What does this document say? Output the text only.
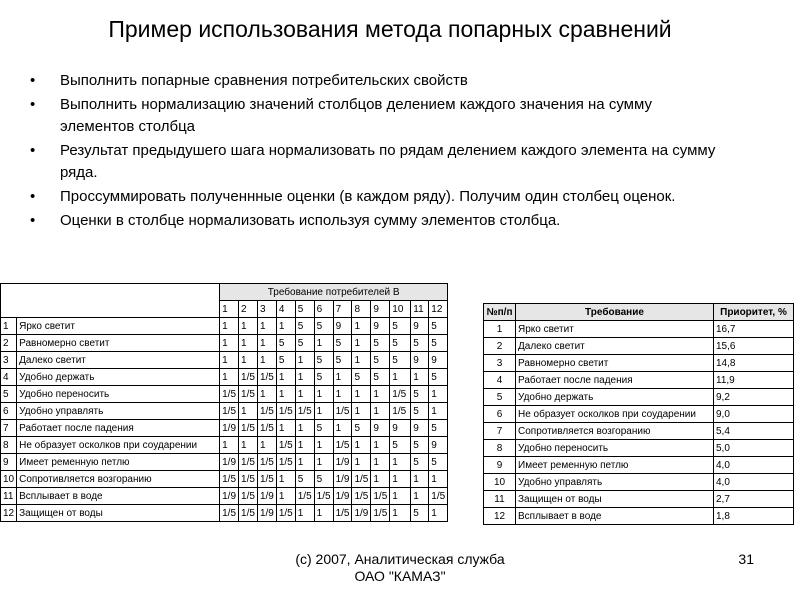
Пример использования метода попарных сравнений
• Выполнить попарные сравнения потребительских свойств
• Выполнить нормализацию значений столбцов делением каждого значения на сумму элементов столбца
• Результат предыдушего шага нормализовать по рядам делением каждого элемента на сумму ряда.
• Проссуммировать полученнные оценки (в каждом ряду). Получим один столбец оценок.
• Оценки в столбце нормализовать используя сумму элементов столбца.
		Требование потребителей В											
		1	2	3	4	5	6	7	8	9	10	11	12
1	Ярко светит	1	1	1	1	5	5	9	1	9	5	9	5
2	Равномерно светит	1	1	1	5	5	1	5	1	5	5	5	5
3	Далеко светит	1	1	1	5	1	5	5	1	5	5	9	9
4	Удобно держать	1	1/5	1/5	1	1	5	1	5	5	1	1	5
5	Удобно переносить	1/5	1/5	1	1	1	1	1	1	1	1/5	5	1
6	Удобно управлять	1/5	1	1/5	1/5	1/5	1	1/5	1	1	1/5	5	1
7	Работает после падения	1/9	1/5	1/5	1	1	5	1	5	9	9	9	5
8	Не образует осколков при соударении	1	1	1	1/5	1	1	1/5	1	1	5	5	9
9	Имеет ременную петлю	1/9	1/5	1/5	1/5	1	1	1/9	1	1	1	5	5
10	Сопротивляется возгоранию	1/5	1/5	1/5	1	5	5	1/9	1/5	1	1	1	1
11	Всплывает в воде	1/9	1/5	1/9	1	1/5	1/5	1/9	1/5	1/5	1	1	1/5
12	Защищен от воды	1/5	1/5	1/9	1/5	1	1	1/5	1/9	1/5	1	5	1
№п/п	Требование	Приоритет, %
1	Ярко светит	16,7
2	Далеко светит	15,6
3	Равномерно светит	14,8
4	Работает после падения	11,9
5	Удобно держать	9,2
6	Не образует осколков при соударении	9,0
7	Сопротивляется возгоранию	5,4
8	Удобно переносить	5,0
9	Имеет ременную петлю	4,0
10	Удобно управлять	4,0
11	Защищен от воды	2,7
12	Всплывает в воде	1,8
(c) 2007, Аналитическая служба
ОАО "КАМАЗ"
31
